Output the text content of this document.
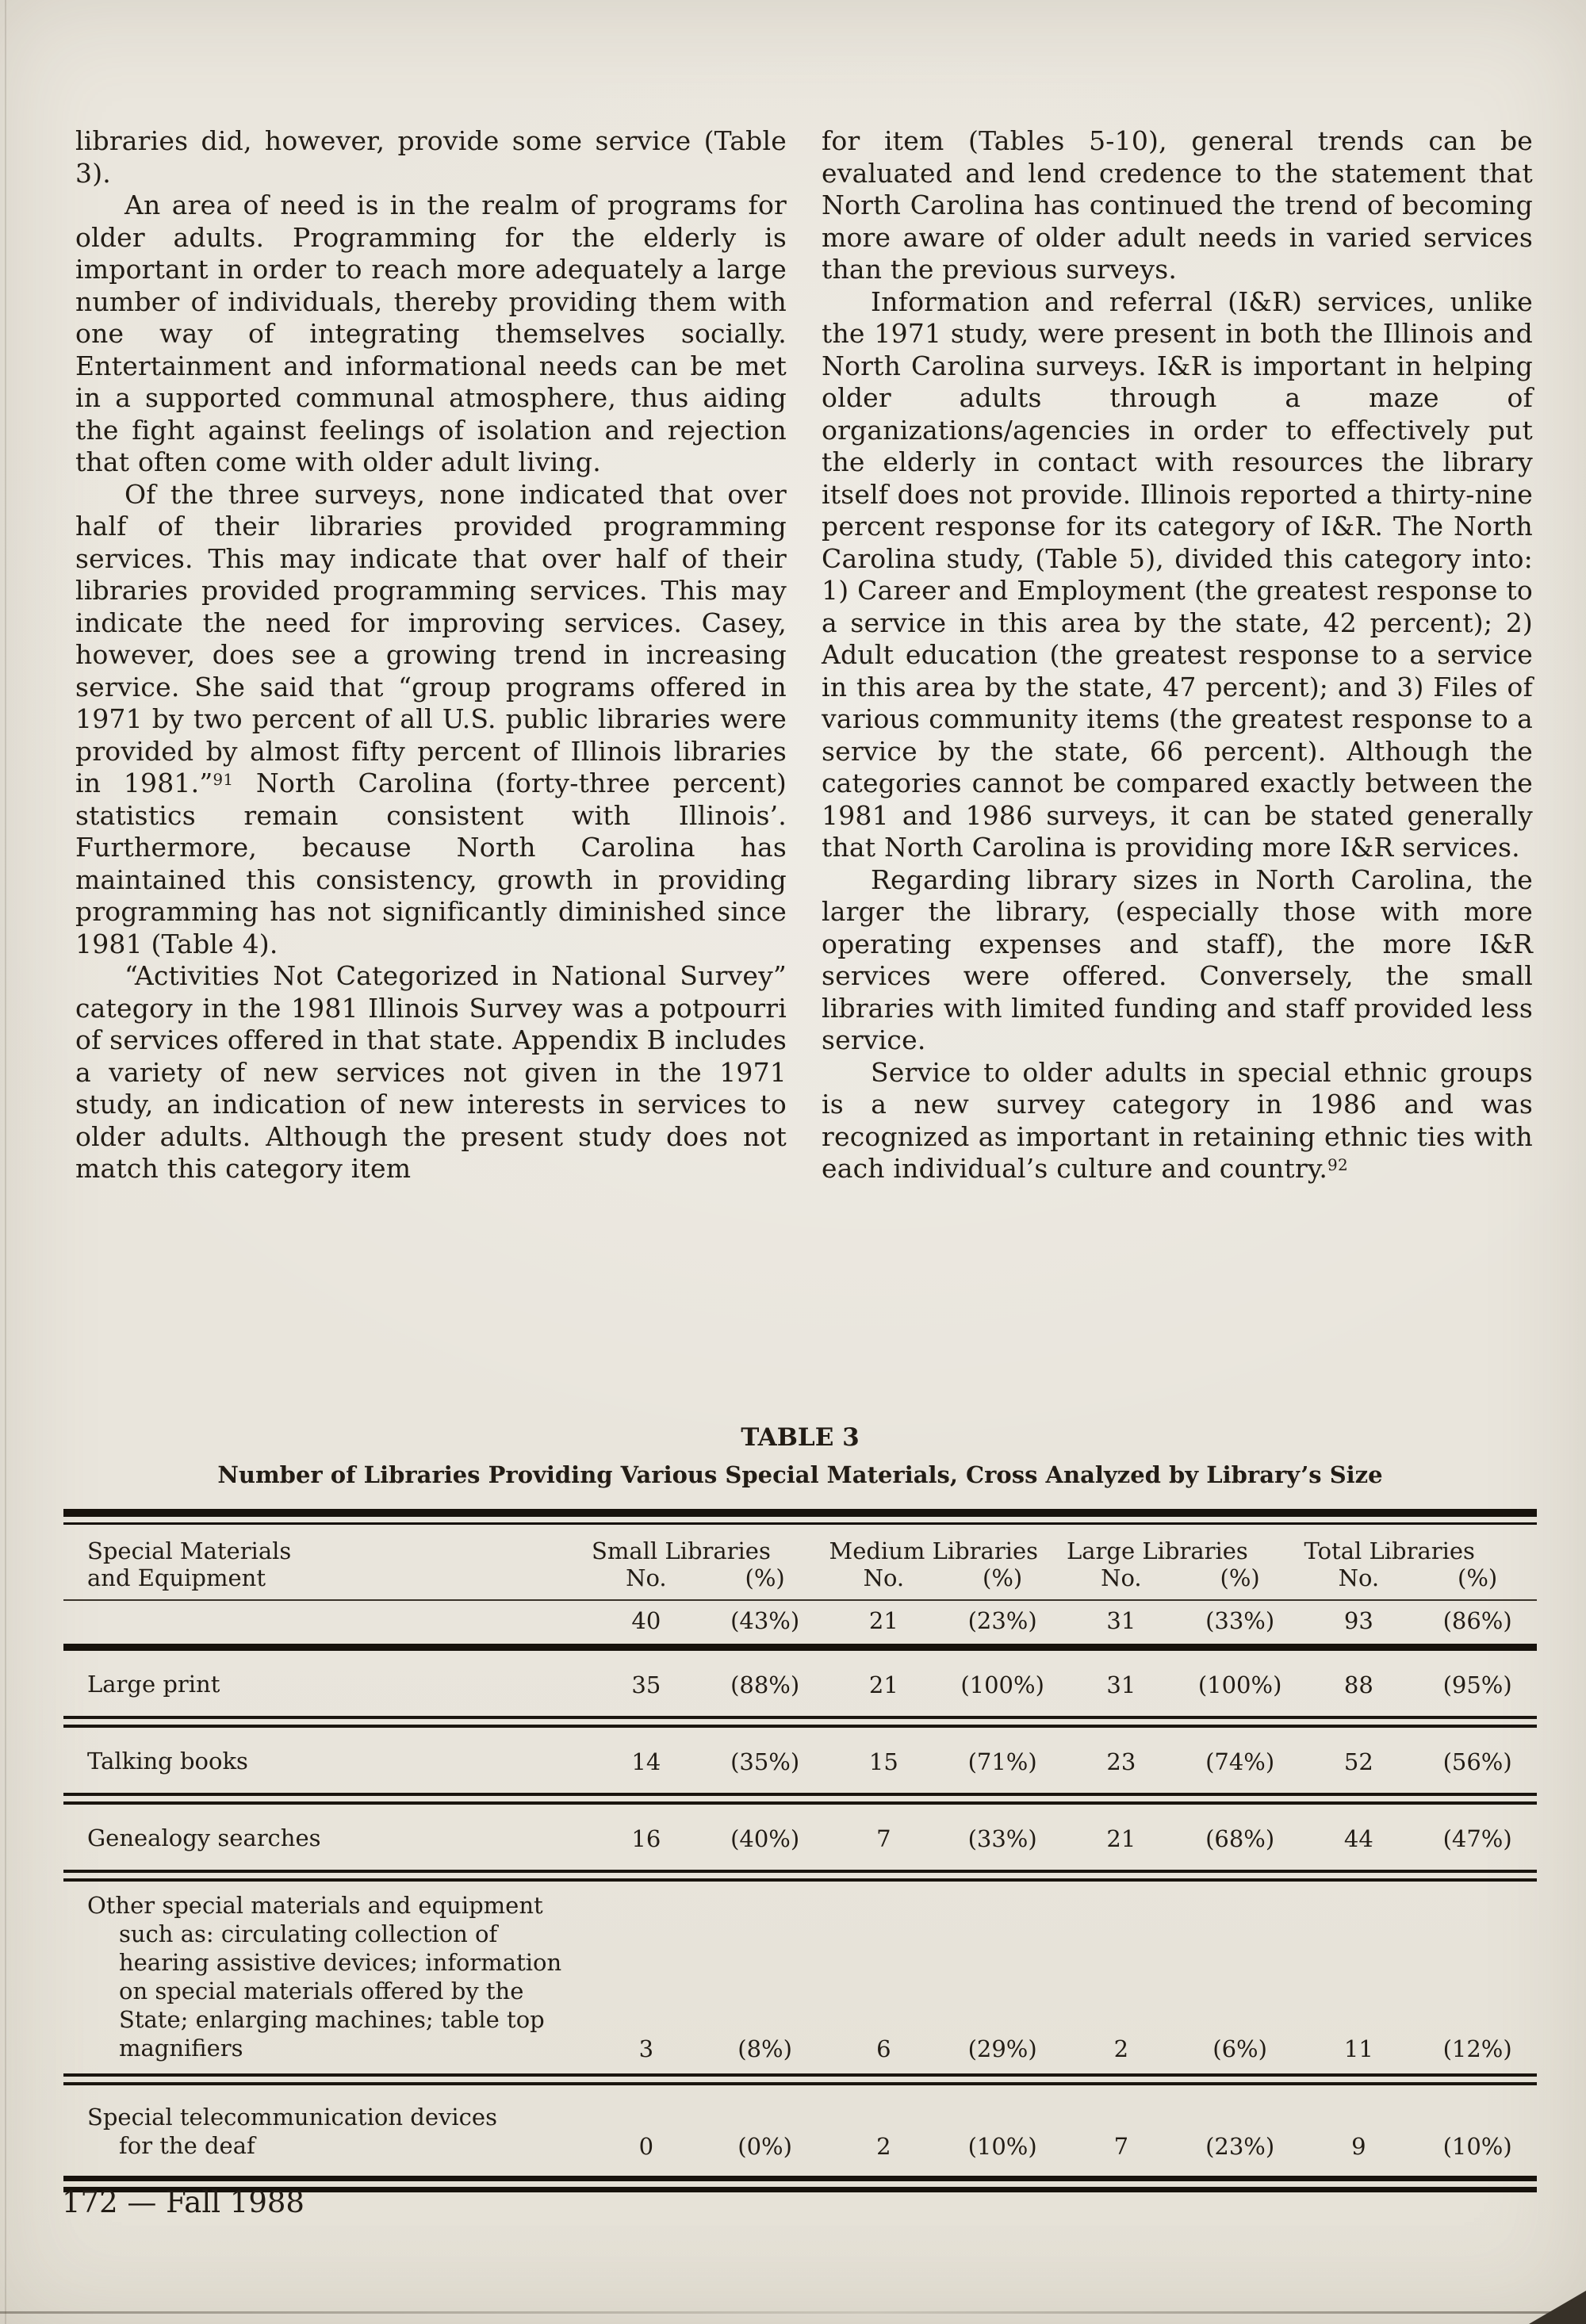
libraries did, however, provide some service (Table 3).

An area of need is in the realm of programs for older adults. Programming for the elderly is important in order to reach more adequately a large number of individuals, thereby providing them with one way of integrating themselves socially. Entertainment and informational needs can be met in a supported communal atmosphere, thus aiding the fight against feelings of isolation and rejection that often come with older adult living.

Of the three surveys, none indicated that over half of their libraries provided programming services. This may indicate that over half of their libraries provided programming services. This may indicate the need for improving services. Casey, however, does see a growing trend in increasing service. She said that “group programs offered in 1971 by two percent of all U.S. public libraries were provided by almost fifty percent of Illinois libraries in 1981.”$^{91}$ North Carolina (forty-three percent) statistics remain consistent with Illinois’. Furthermore, because North Carolina has maintained this consistency, growth in providing programming has not significantly diminished since 1981 (Table 4).

“Activities Not Categorized in National Survey” category in the 1981 Illinois Survey was a potpourri of services offered in that state. Appendix B includes a variety of new services not given in the 1971 study, an indication of new interests in services to older adults. Although the present study does not match this category item

for item (Tables 5-10), general trends can be evaluated and lend credence to the statement that North Carolina has continued the trend of becoming more aware of older adult needs in varied services than the previous surveys.

Information and referral (I&R) services, unlike the 1971 study, were present in both the Illinois and North Carolina surveys. I&R is important in helping older adults through a maze of organizations/agencies in order to effectively put the elderly in contact with resources the library itself does not provide. Illinois reported a thirty-nine percent response for its category of I&R. The North Carolina study, (Table 5), divided this category into: 1) Career and Employment (the greatest response to a service in this area by the state, 42 percent); 2) Adult education (the greatest response to a service in this area by the state, 47 percent); and 3) Files of various community items (the greatest response to a service by the state, 66 percent). Although the categories cannot be compared exactly between the 1981 and 1986 surveys, it can be stated generally that North Carolina is providing more I&R services.

Regarding library sizes in North Carolina, the larger the library, (especially those with more operating expenses and staff), the more I&R services were offered. Conversely, the small libraries with limited funding and staff provided less service.

Service to older adults in special ethnic groups is a new survey category in 1986 and was recognized as important in retaining ethnic ties with each individual’s culture and country.$^{92}$

TABLE 3

Number of Libraries Providing Various Special Materials, Cross Analyzed by Library’s Size

Special Materials	Small Libraries	Medium Libraries	Large Libraries	Total Libraries
and Equipment	No.	(%)	No.	(%)	No.	(%)	No.	(%)
40	(43%)	21	(23%)	31	(33%)	93	(86%)
Large print	35	(88%)	21	(100%)	31	(100%)	88	(95%)
Talking books	14	(35%)	15	(71%)	23	(74%)	52	(56%)
Genealogy searches	16	(40%)	7	(33%)	21	(68%)	44	(47%)
Other special materials and equipment
such as: circulating collection of
hearing assistive devices; information
on special materials offered by the
State; enlarging machines; table top
magnifiers	3	(8%)	6	(29%)	2	(6%)	11	(12%)
Special telecommunication devices
for the deaf	0	(0%)	2	(10%)	7	(23%)	9	(10%)
172 — Fall 1988
